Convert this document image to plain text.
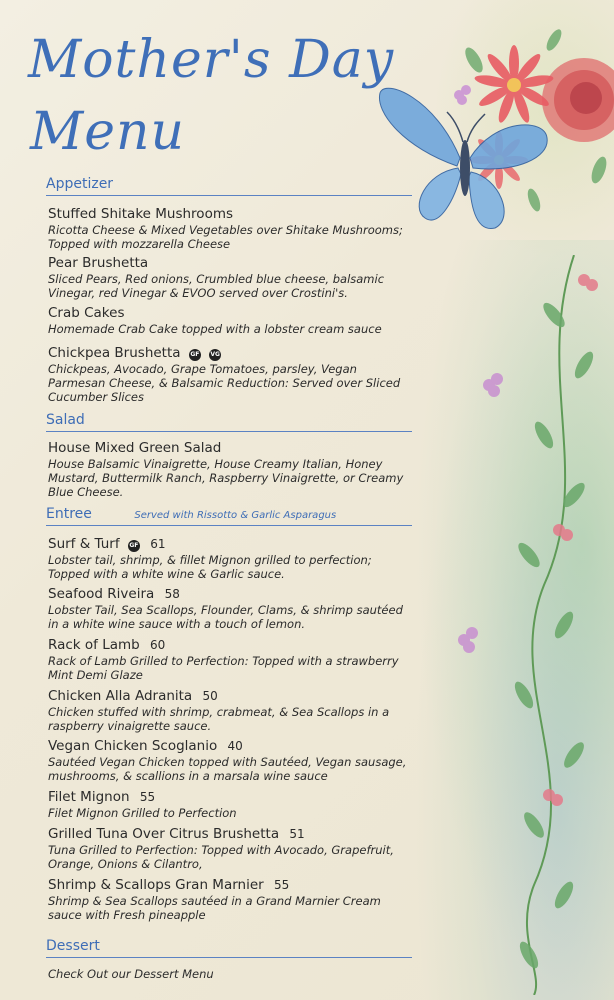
Mother's Day
Menu
Appetizer
Stuffed Shitake Mushrooms
Ricotta Cheese & Mixed Vegetables over Shitake Mushrooms; Topped with mozzarella Cheese
Pear Brushetta
Sliced Pears, Red onions, Crumbled blue cheese, balsamic Vinegar, red Vinegar & EVOO served over Crostini's.
Crab Cakes
Homemade Crab Cake topped with a lobster cream sauce
Chickpea Brushetta GF VG
Chickpeas, Avocado, Grape Tomatoes, parsley, Vegan Parmesan Cheese, & Balsamic Reduction: Served over Sliced Cucumber Slices
Salad
House Mixed Green Salad
House Balsamic Vinaigrette, House Creamy Italian, Honey Mustard, Buttermilk Ranch, Raspberry Vinaigrette, or Creamy Blue Cheese.
Entree	Served with Rissotto & Garlic Asparagus
Surf & Turf GF 61
Lobster tail, shrimp, & fillet Mignon grilled to perfection; Topped with a white wine & Garlic sauce.
Seafood Riveira 58
Lobster Tail, Sea Scallops, Flounder, Clams, & shrimp sautéed in a white wine sauce with a touch of lemon.
Rack of Lamb 60
Rack of Lamb Grilled to Perfection: Topped with a strawberry Mint Demi Glaze
Chicken Alla Adranita 50
Chicken stuffed with shrimp, crabmeat, & Sea Scallops in a raspberry vinaigrette sauce.
Vegan Chicken Scoglanio 40
Sautéed Vegan Chicken topped with Sautéed, Vegan sausage, mushrooms, & scallions in a marsala wine sauce
Filet Mignon 55
Filet Mignon Grilled to Perfection
Grilled Tuna Over Citrus Brushetta 51
Tuna Grilled to Perfection: Topped with Avocado, Grapefruit, Orange, Onions & Cilantro,
Shrimp & Scallops Gran Marnier 55
Shrimp & Sea Scallops sautéed in a Grand Marnier Cream sauce with Fresh pineapple
Dessert
Check Out our Dessert Menu
